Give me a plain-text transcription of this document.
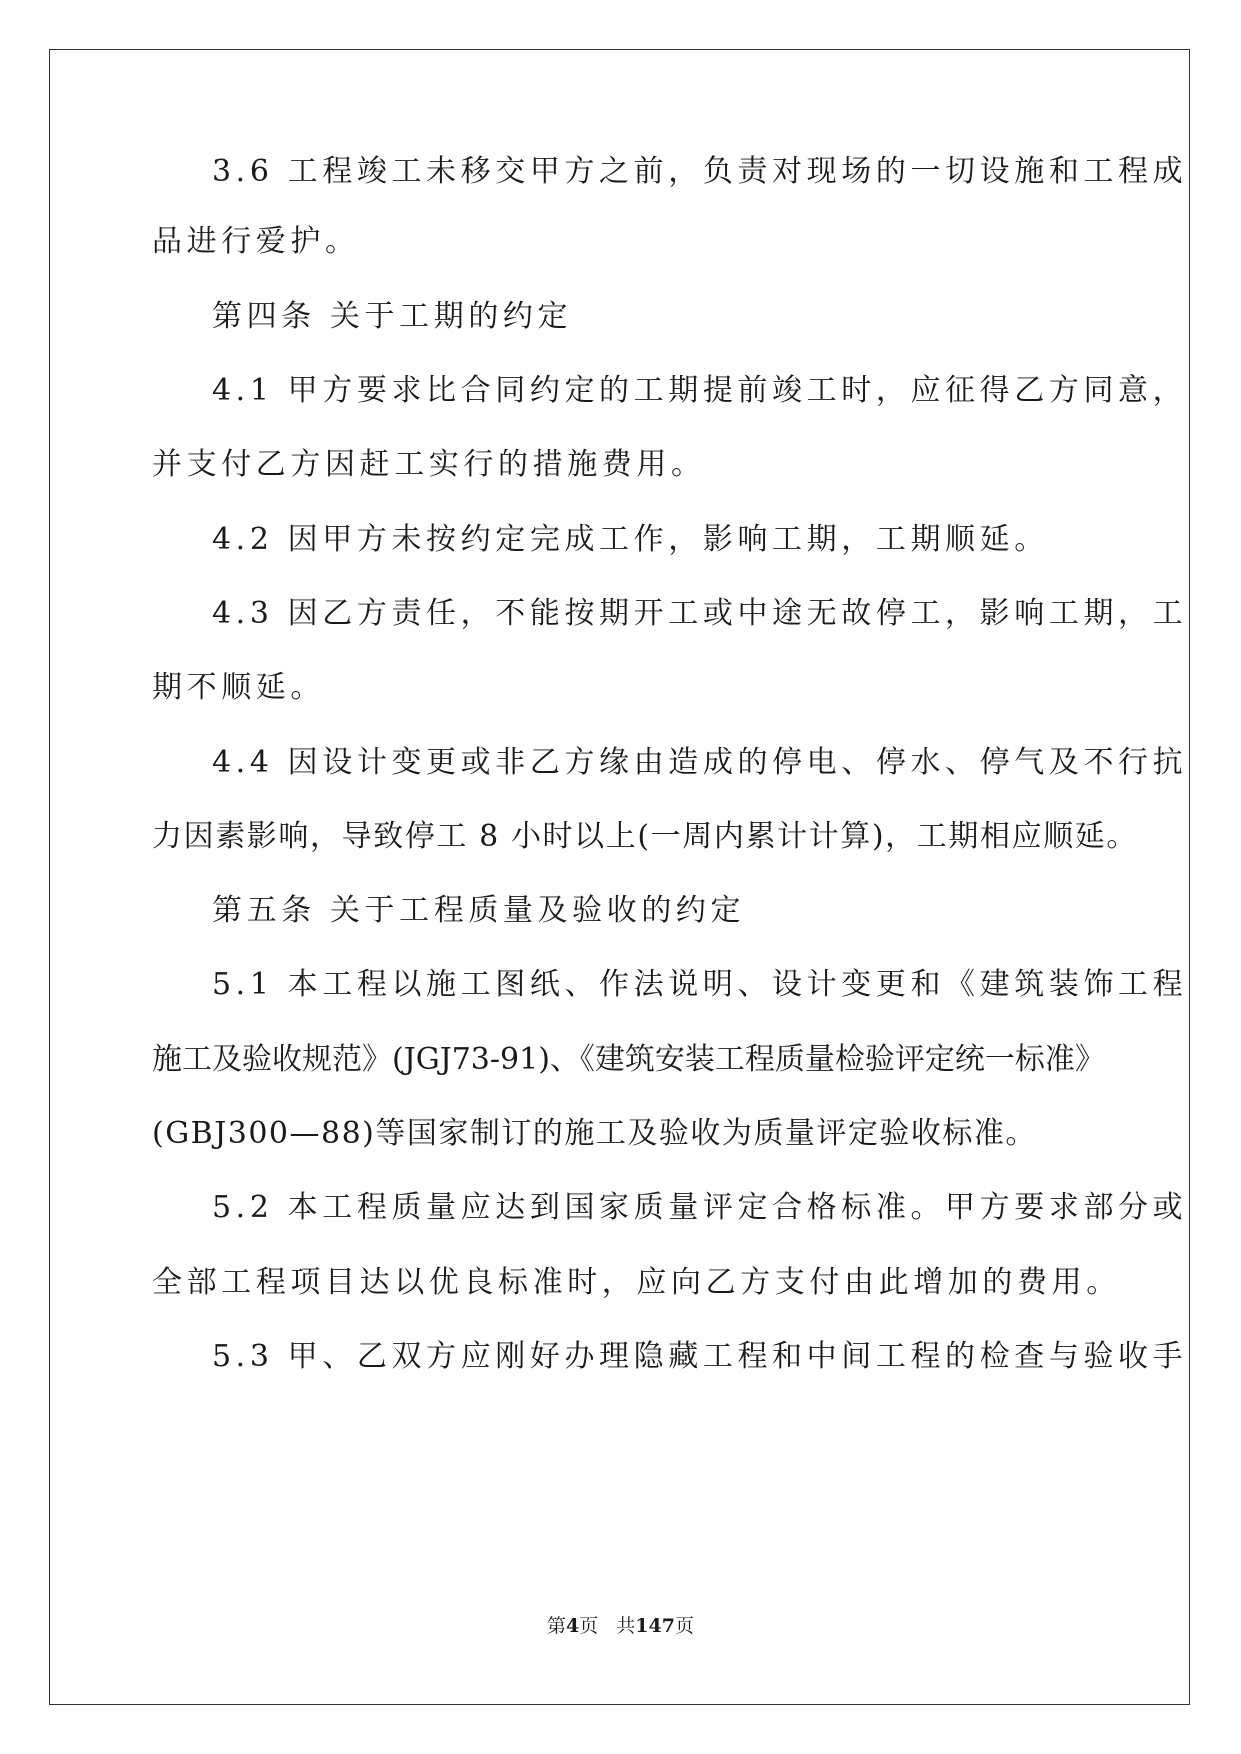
3.6 工程竣工未移交甲方之前，负责对现场的一切设施和工程成

品进行爱护。

第四条 关于工期的约定

4.1 甲方要求比合同约定的工期提前竣工时，应征得乙方同意，

并支付乙方因赶工实行的措施费用。

4.2 因甲方未按约定完成工作，影响工期，工期顺延。

4.3 因乙方责任，不能按期开工或中途无故停工，影响工期，工

期不顺延。

4.4 因设计变更或非乙方缘由造成的停电、停水、停气及不行抗

力因素影响，导致停工 8 小时以上(一周内累计计算)，工期相应顺延。

第五条 关于工程质量及验收的约定

5.1 本工程以施工图纸、作法说明、设计变更和《建筑装饰工程

施工及验收规范》(JGJ73-91)、《建筑安装工程质量检验评定统一标准》

(GBJ300—88)等国家制订的施工及验收为质量评定验收标准。

5.2 本工程质量应达到国家质量评定合格标准。甲方要求部分或

全部工程项目达以优良标准时，应向乙方支付由此增加的费用。

5.3 甲、乙双方应刚好办理隐藏工程和中间工程的检查与验收手

第4页 共147页
